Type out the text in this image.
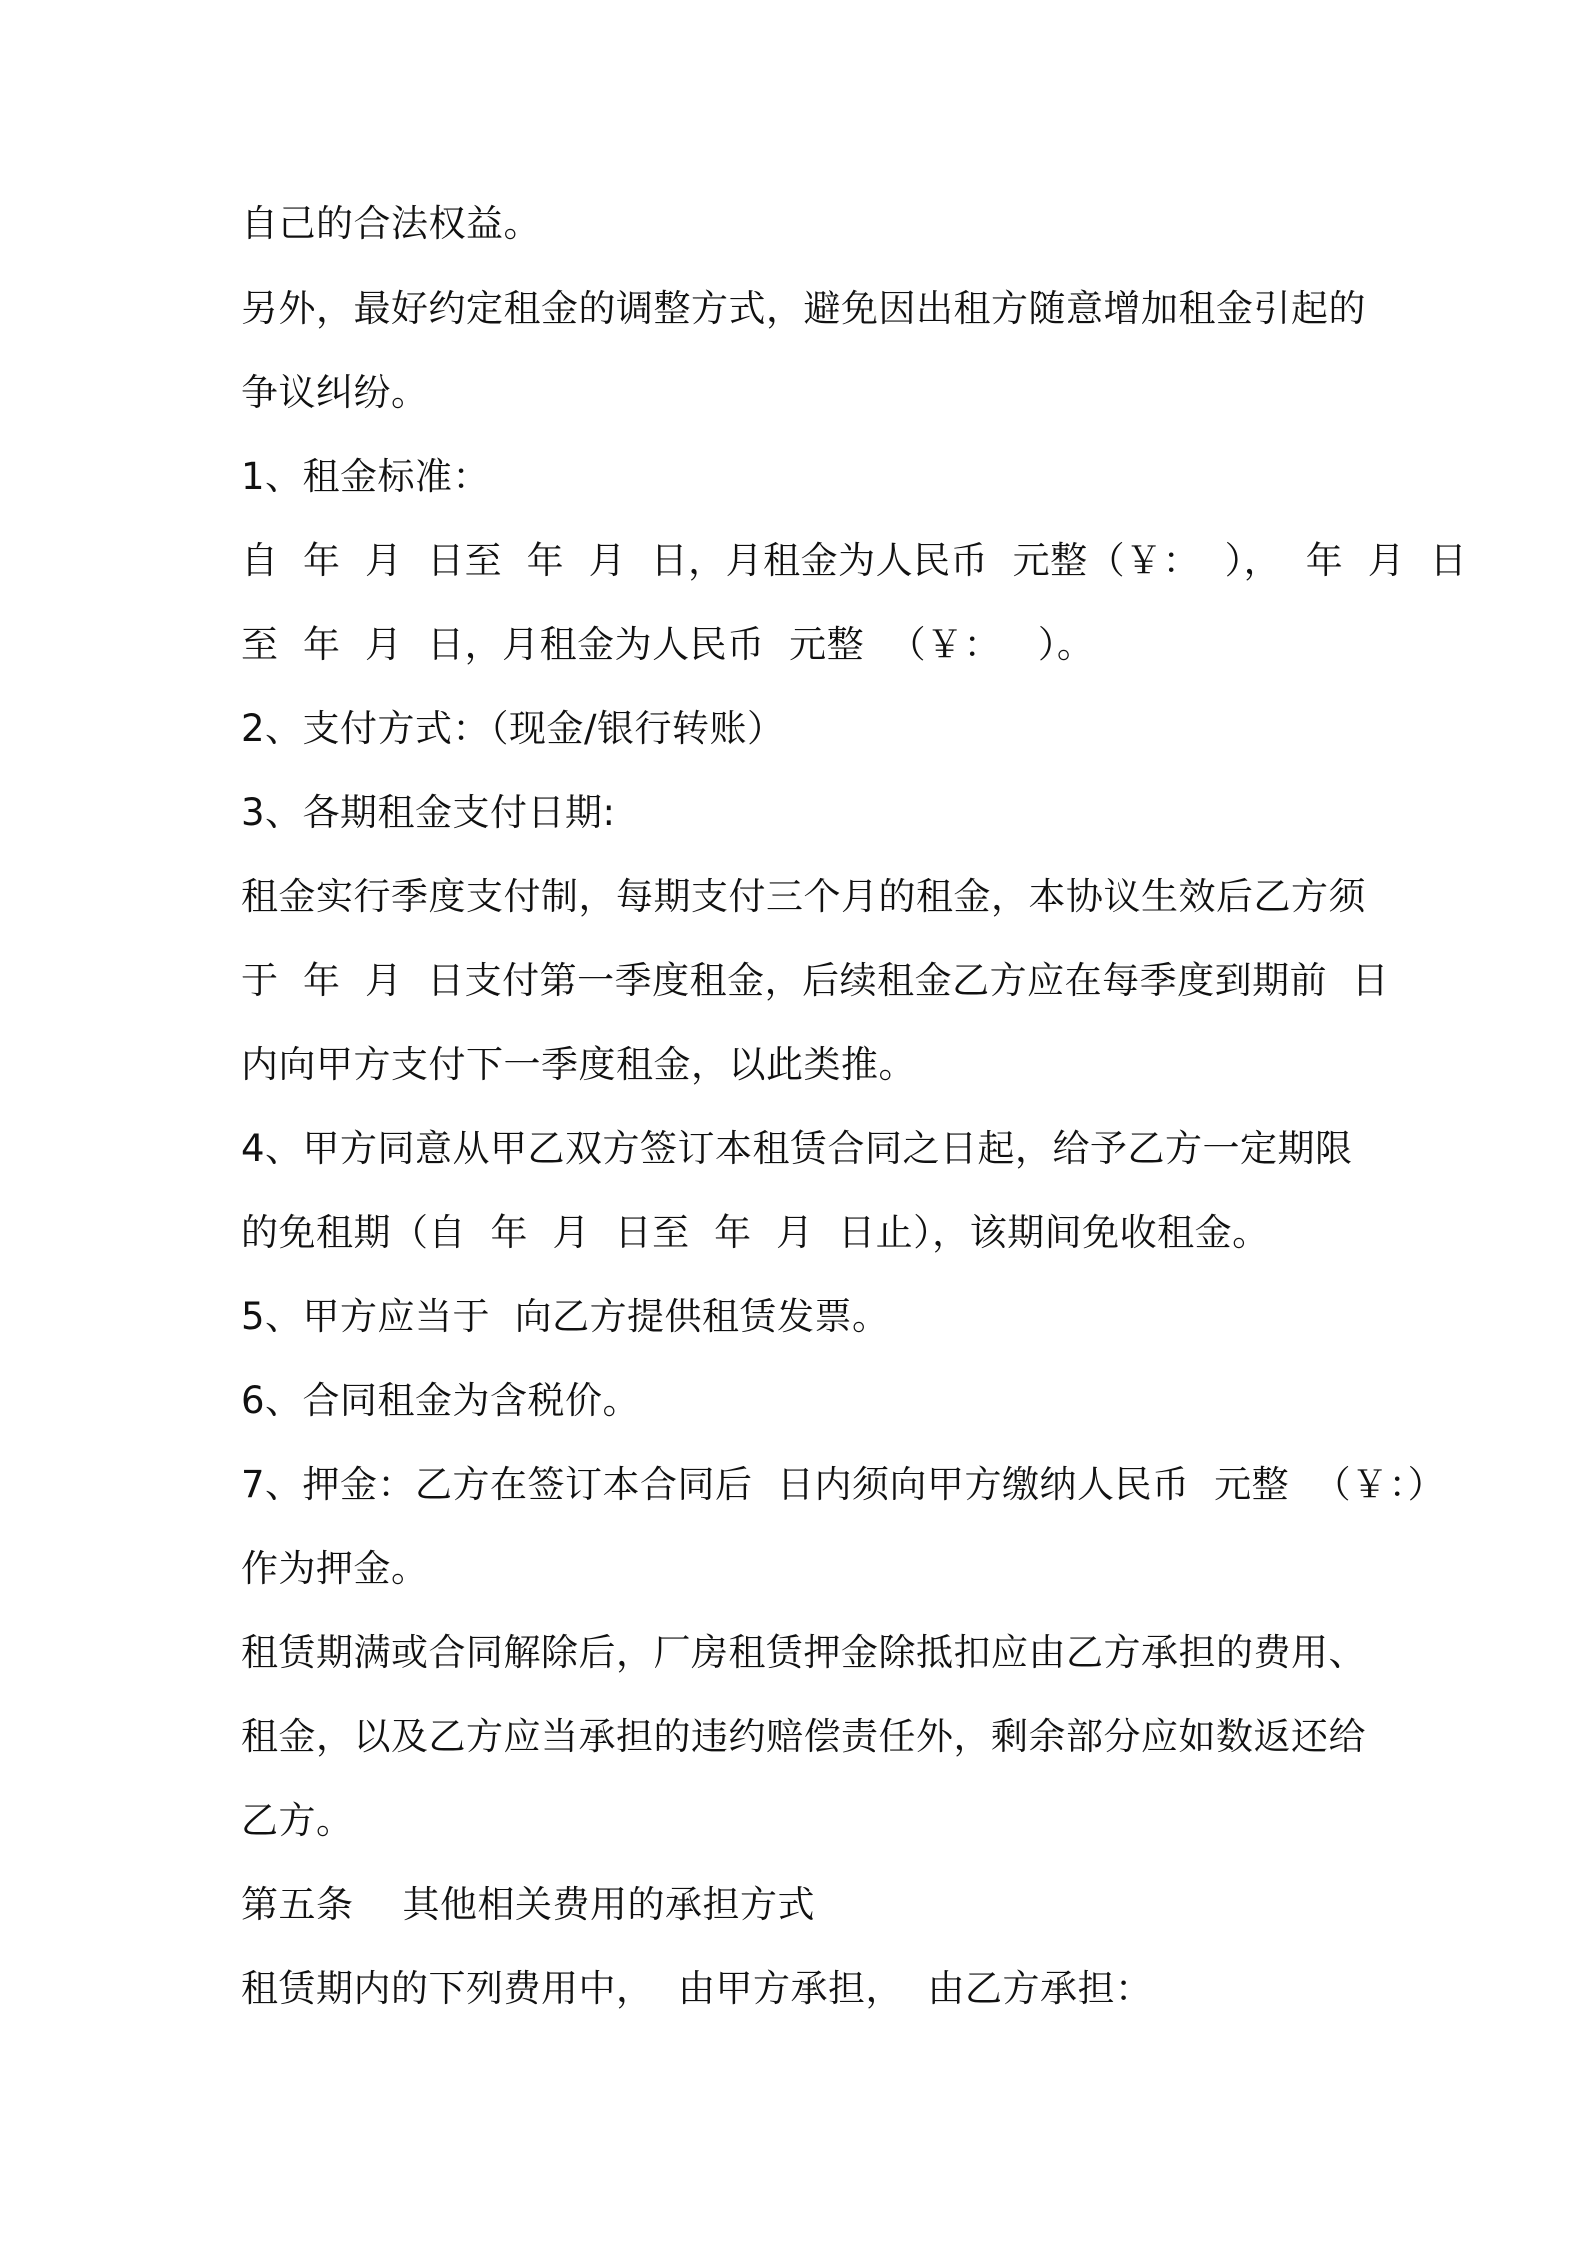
自己的合法权益。
另外，最好约定租金的调整方式，避免因出租方随意增加租金引起的
争议纠纷。
1、租金标准：
自  年  月  日至  年  月  日，月租金为人民币  元整（￥：  ），  年  月  日
至  年  月  日，月租金为人民币  元整  （￥：   ）。
2、支付方式：（现金/银行转账）
3、各期租金支付日期:
租金实行季度支付制，每期支付三个月的租金，本协议生效后乙方须
于  年  月  日支付第一季度租金，后续租金乙方应在每季度到期前  日
内向甲方支付下一季度租金，以此类推。
4、甲方同意从甲乙双方签订本租赁合同之日起，给予乙方一定期限
的免租期（自  年  月  日至  年  月  日止），该期间免收租金。
5、甲方应当于  向乙方提供租赁发票。
6、合同租金为含税价。
7、押金：乙方在签订本合同后  日内须向甲方缴纳人民币  元整  （￥：）
作为押金。
租赁期满或合同解除后，厂房租赁押金除抵扣应由乙方承担的费用、
租金，以及乙方应当承担的违约赔偿责任外，剩余部分应如数返还给
乙方。
第五条    其他相关费用的承担方式
租赁期内的下列费用中，  由甲方承担，  由乙方承担：
